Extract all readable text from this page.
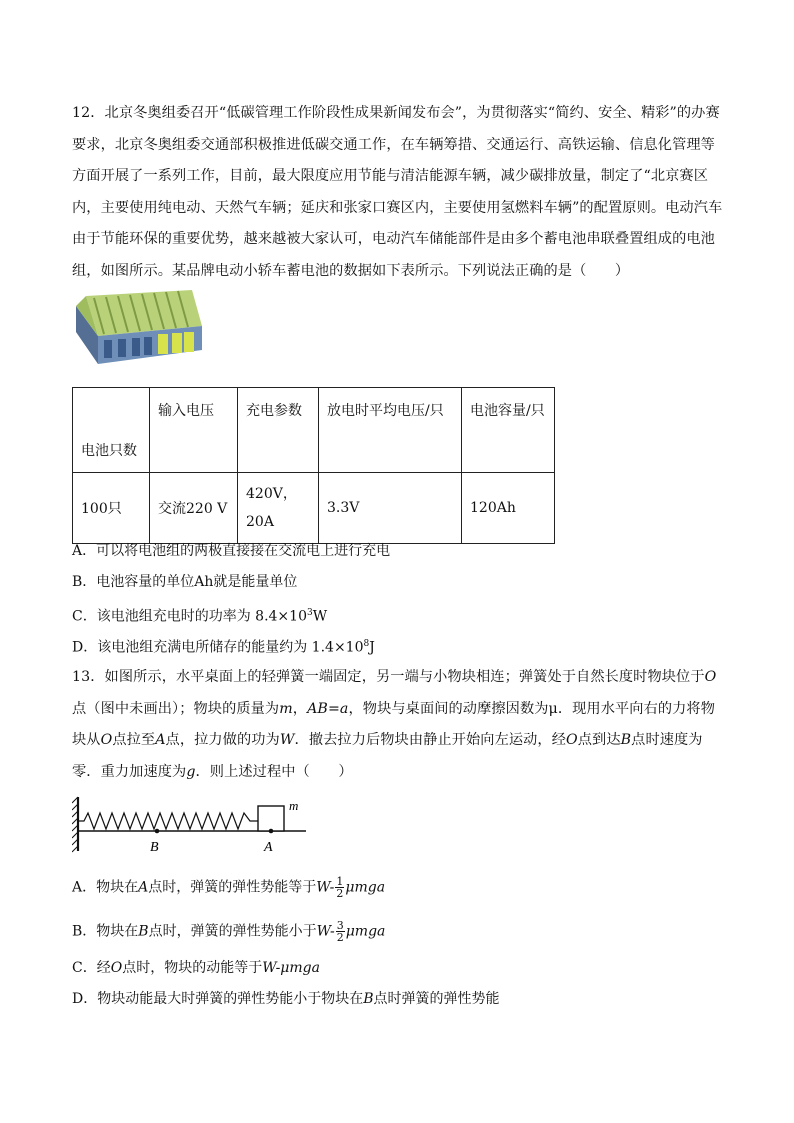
12．北京冬奥组委召开“低碳管理工作阶段性成果新闻发布会”，为贯彻落实“简约、安全、精彩”的办赛要求，北京冬奥组委交通部积极推进低碳交通工作，在车辆筹措、交通运行、高铁运输、信息化管理等方面开展了一系列工作，目前，最大限度应用节能与清洁能源车辆，减少碳排放量，制定了“北京赛区内，主要使用纯电动、天然气车辆；延庆和张家口赛区内，主要使用氢燃料车辆”的配置原则。电动汽车由于节能环保的重要优势，越来越被大家认可，电动汽车储能部件是由多个蓄电池串联叠置组成的电池组，如图所示。某品牌电动小轿车蓄电池的数据如下表所示。下列说法正确的是（　　）
电池只数	输入电压	充电参数	放电时平均电压/只	电池容量/只
100只	交流220 V	420V，
20A	3.3V	120Ah
A．可以将电池组的两极直接接在交流电上进行充电
B．电池容量的单位Ah就是能量单位
C．该电池组充电时的功率为 $8.4\times 10^3W$
D．该电池组充满电所储存的能量约为 $1.4\times 10^8J$
13．如图所示，水平桌面上的轻弹簧一端固定，另一端与小物块相连；弹簧处于自然长度时物块位于O点（图中未画出）；物块的质量为m，AB=a，物块与桌面间的动摩擦因数为μ．现用水平向右的力将物块从O点拉至A点，拉力做的功为W．撤去拉力后物块由静止开始向左运动，经O点到达B点时速度为零．重力加速度为g．则上述过程中（　　）
m
B	A
A．物块在A点时，弹簧的弹性势能等于$W- \frac{1}{2}$ μmga
B．物块在B点时，弹簧的弹性势能小于$W- \frac{3}{2}$ μmga
C．经O点时，物块的动能等于W-μmga
D．物块动能最大时弹簧的弹性势能小于物块在B点时弹簧的弹性势能
